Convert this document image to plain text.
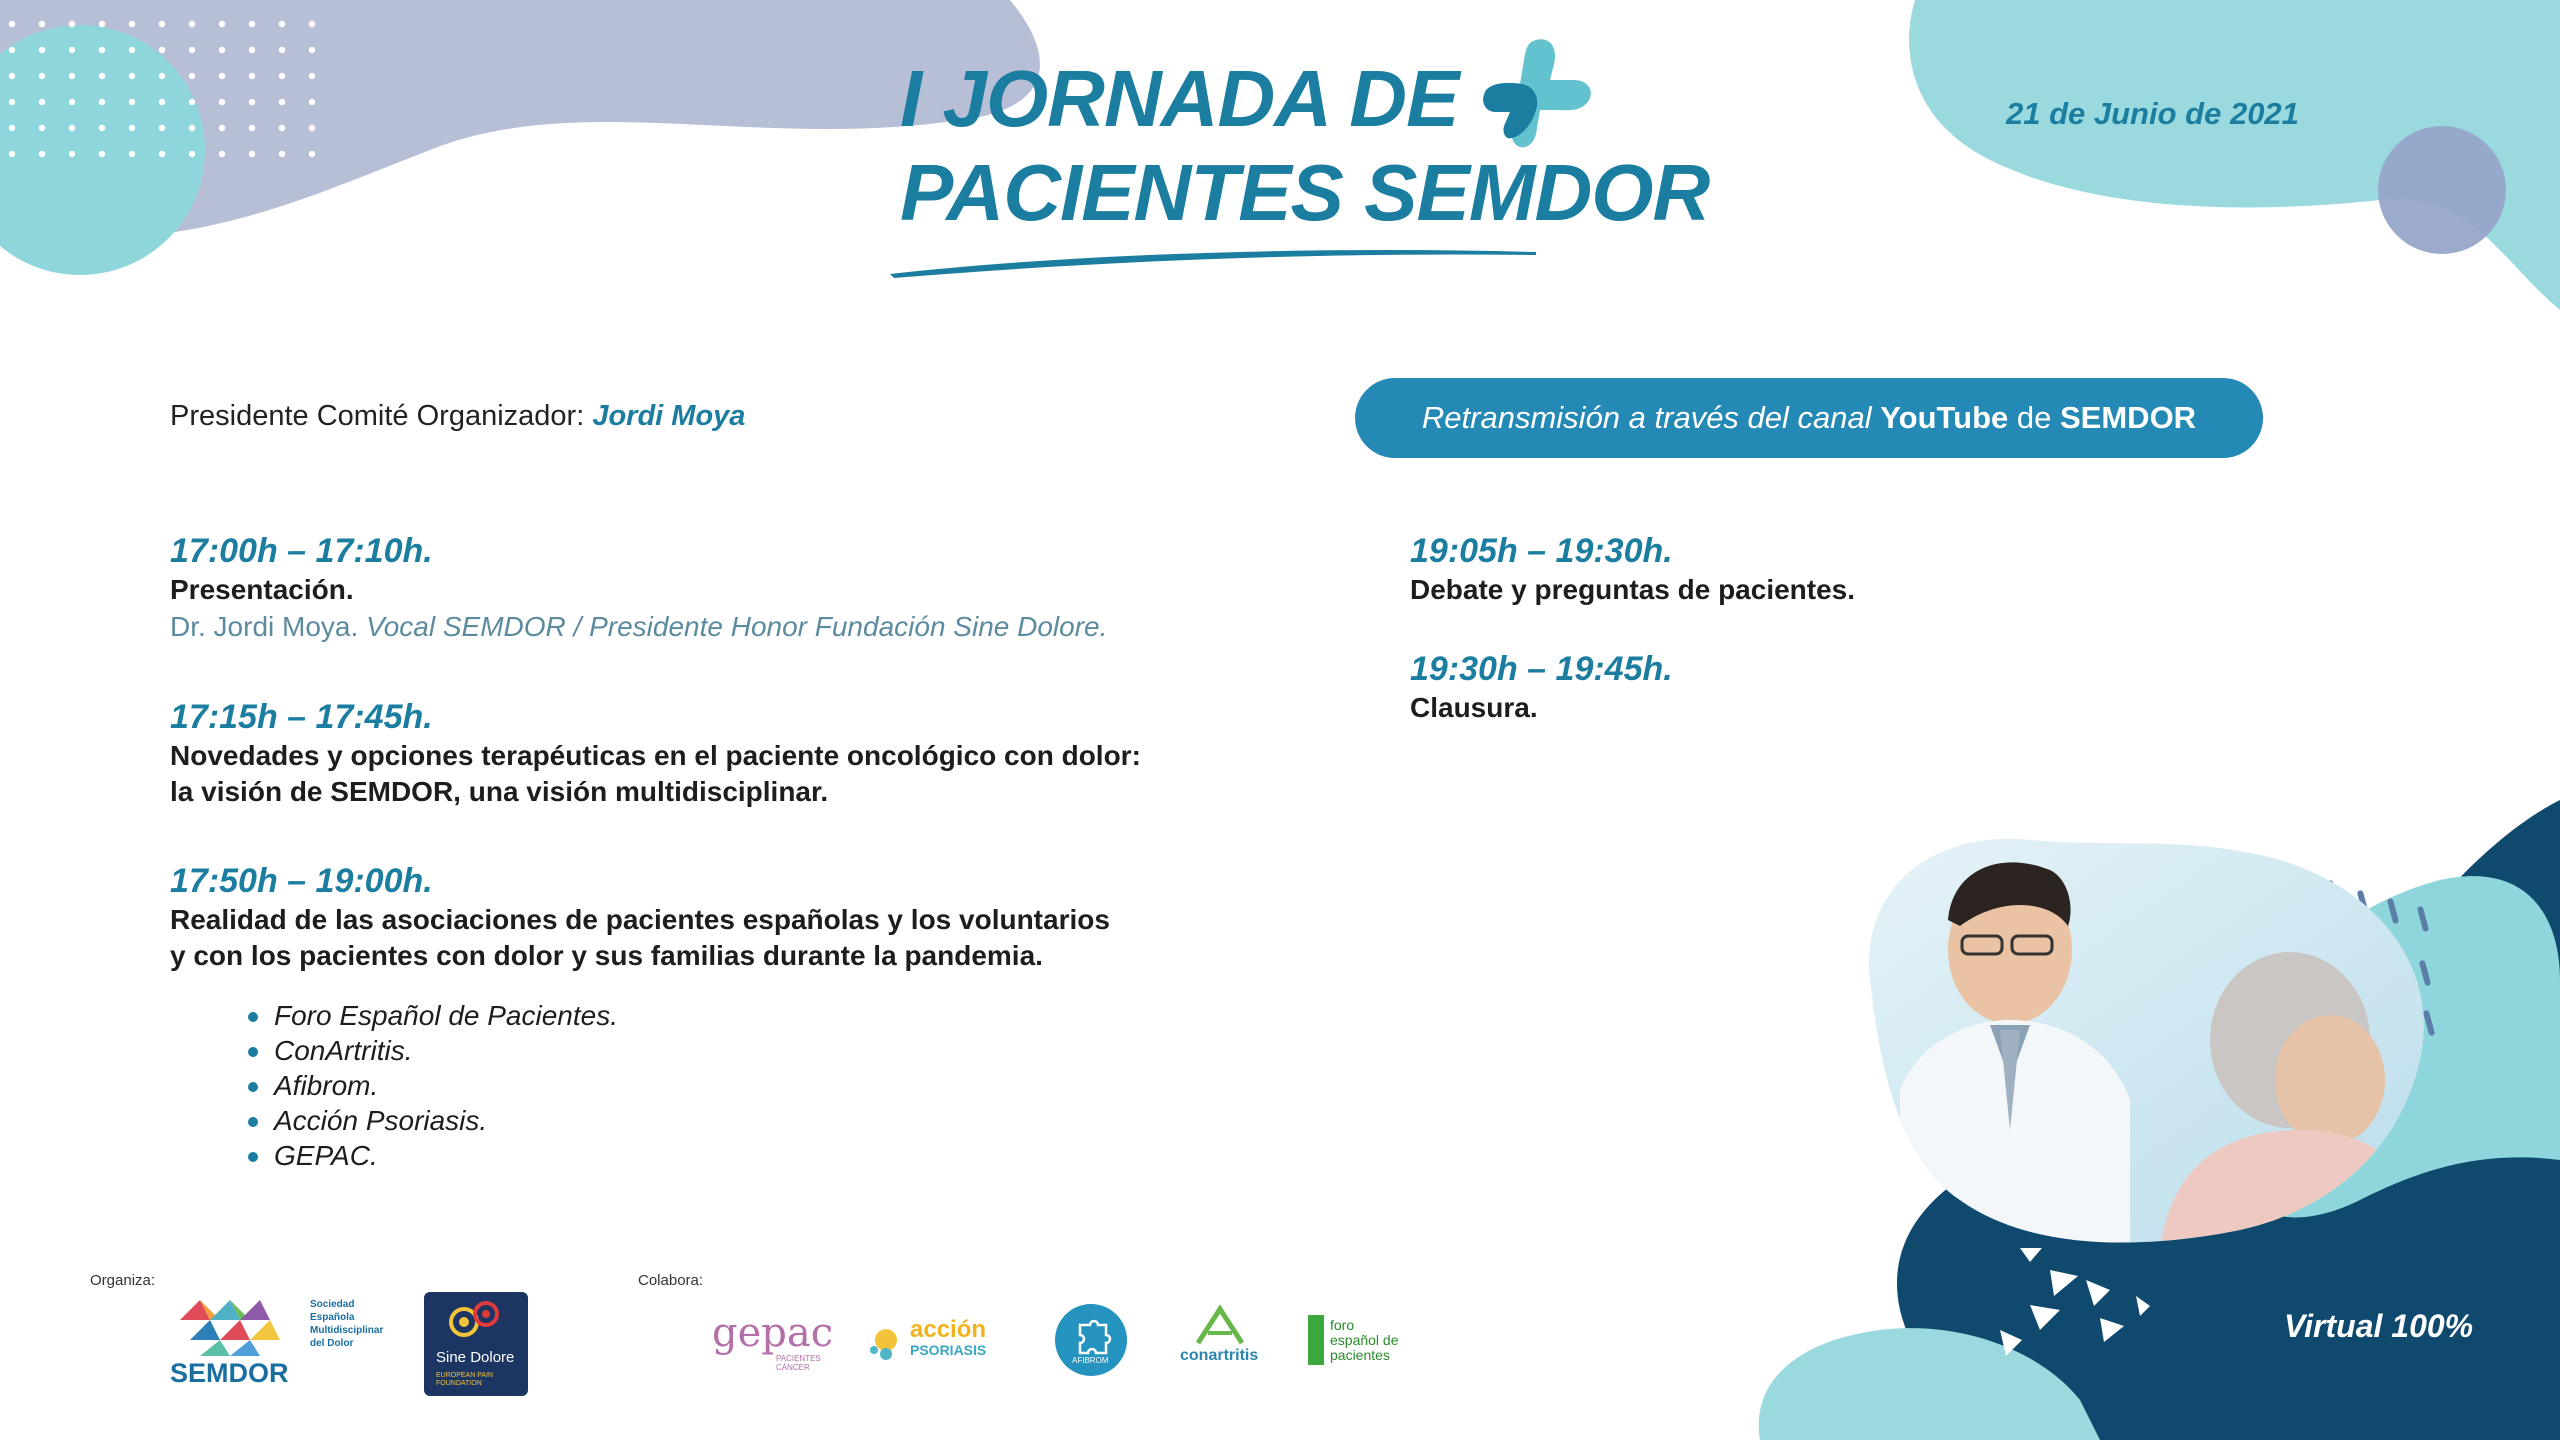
I JORNADA DE
PACIENTES SEMDOR
21 de Junio de 2021
Presidente Comité Organizador: Jordi Moya	Retransmisión a través del canal
YouTube
de
SEMDOR
17:00h – 17:10h.
Presentación.
Dr. Jordi Moya. Vocal SEMDOR / Presidente Honor Fundación Sine Dolore.
17:15h – 17:45h.
Novedades y opciones terapéuticas en el paciente oncológico con dolor:
la visión de SEMDOR, una visión multidisciplinar.
17:50h – 19:00h.
Realidad de las asociaciones de pacientes españolas y los voluntarios
y con los pacientes con dolor y sus familias durante la pandemia.
Foro Español de Pacientes.
ConArtritis.
Afibrom.
Acción Psoriasis.
GEPAC.
19:05h – 19:30h.
Debate y preguntas de pacientes.
19:30h – 19:45h.
Clausura.
Virtual 100%
Organiza:	Colabora:
SEMDOR
Sociedad Española Multidisciplinar del Dolor
Sine Dolore
EUROPEAN PAIN FOUNDATION
gepac
PACIENTES CÁNCER
acción
PSORIASIS
AFIBROM	conartritis
foro
español de
pacientes
